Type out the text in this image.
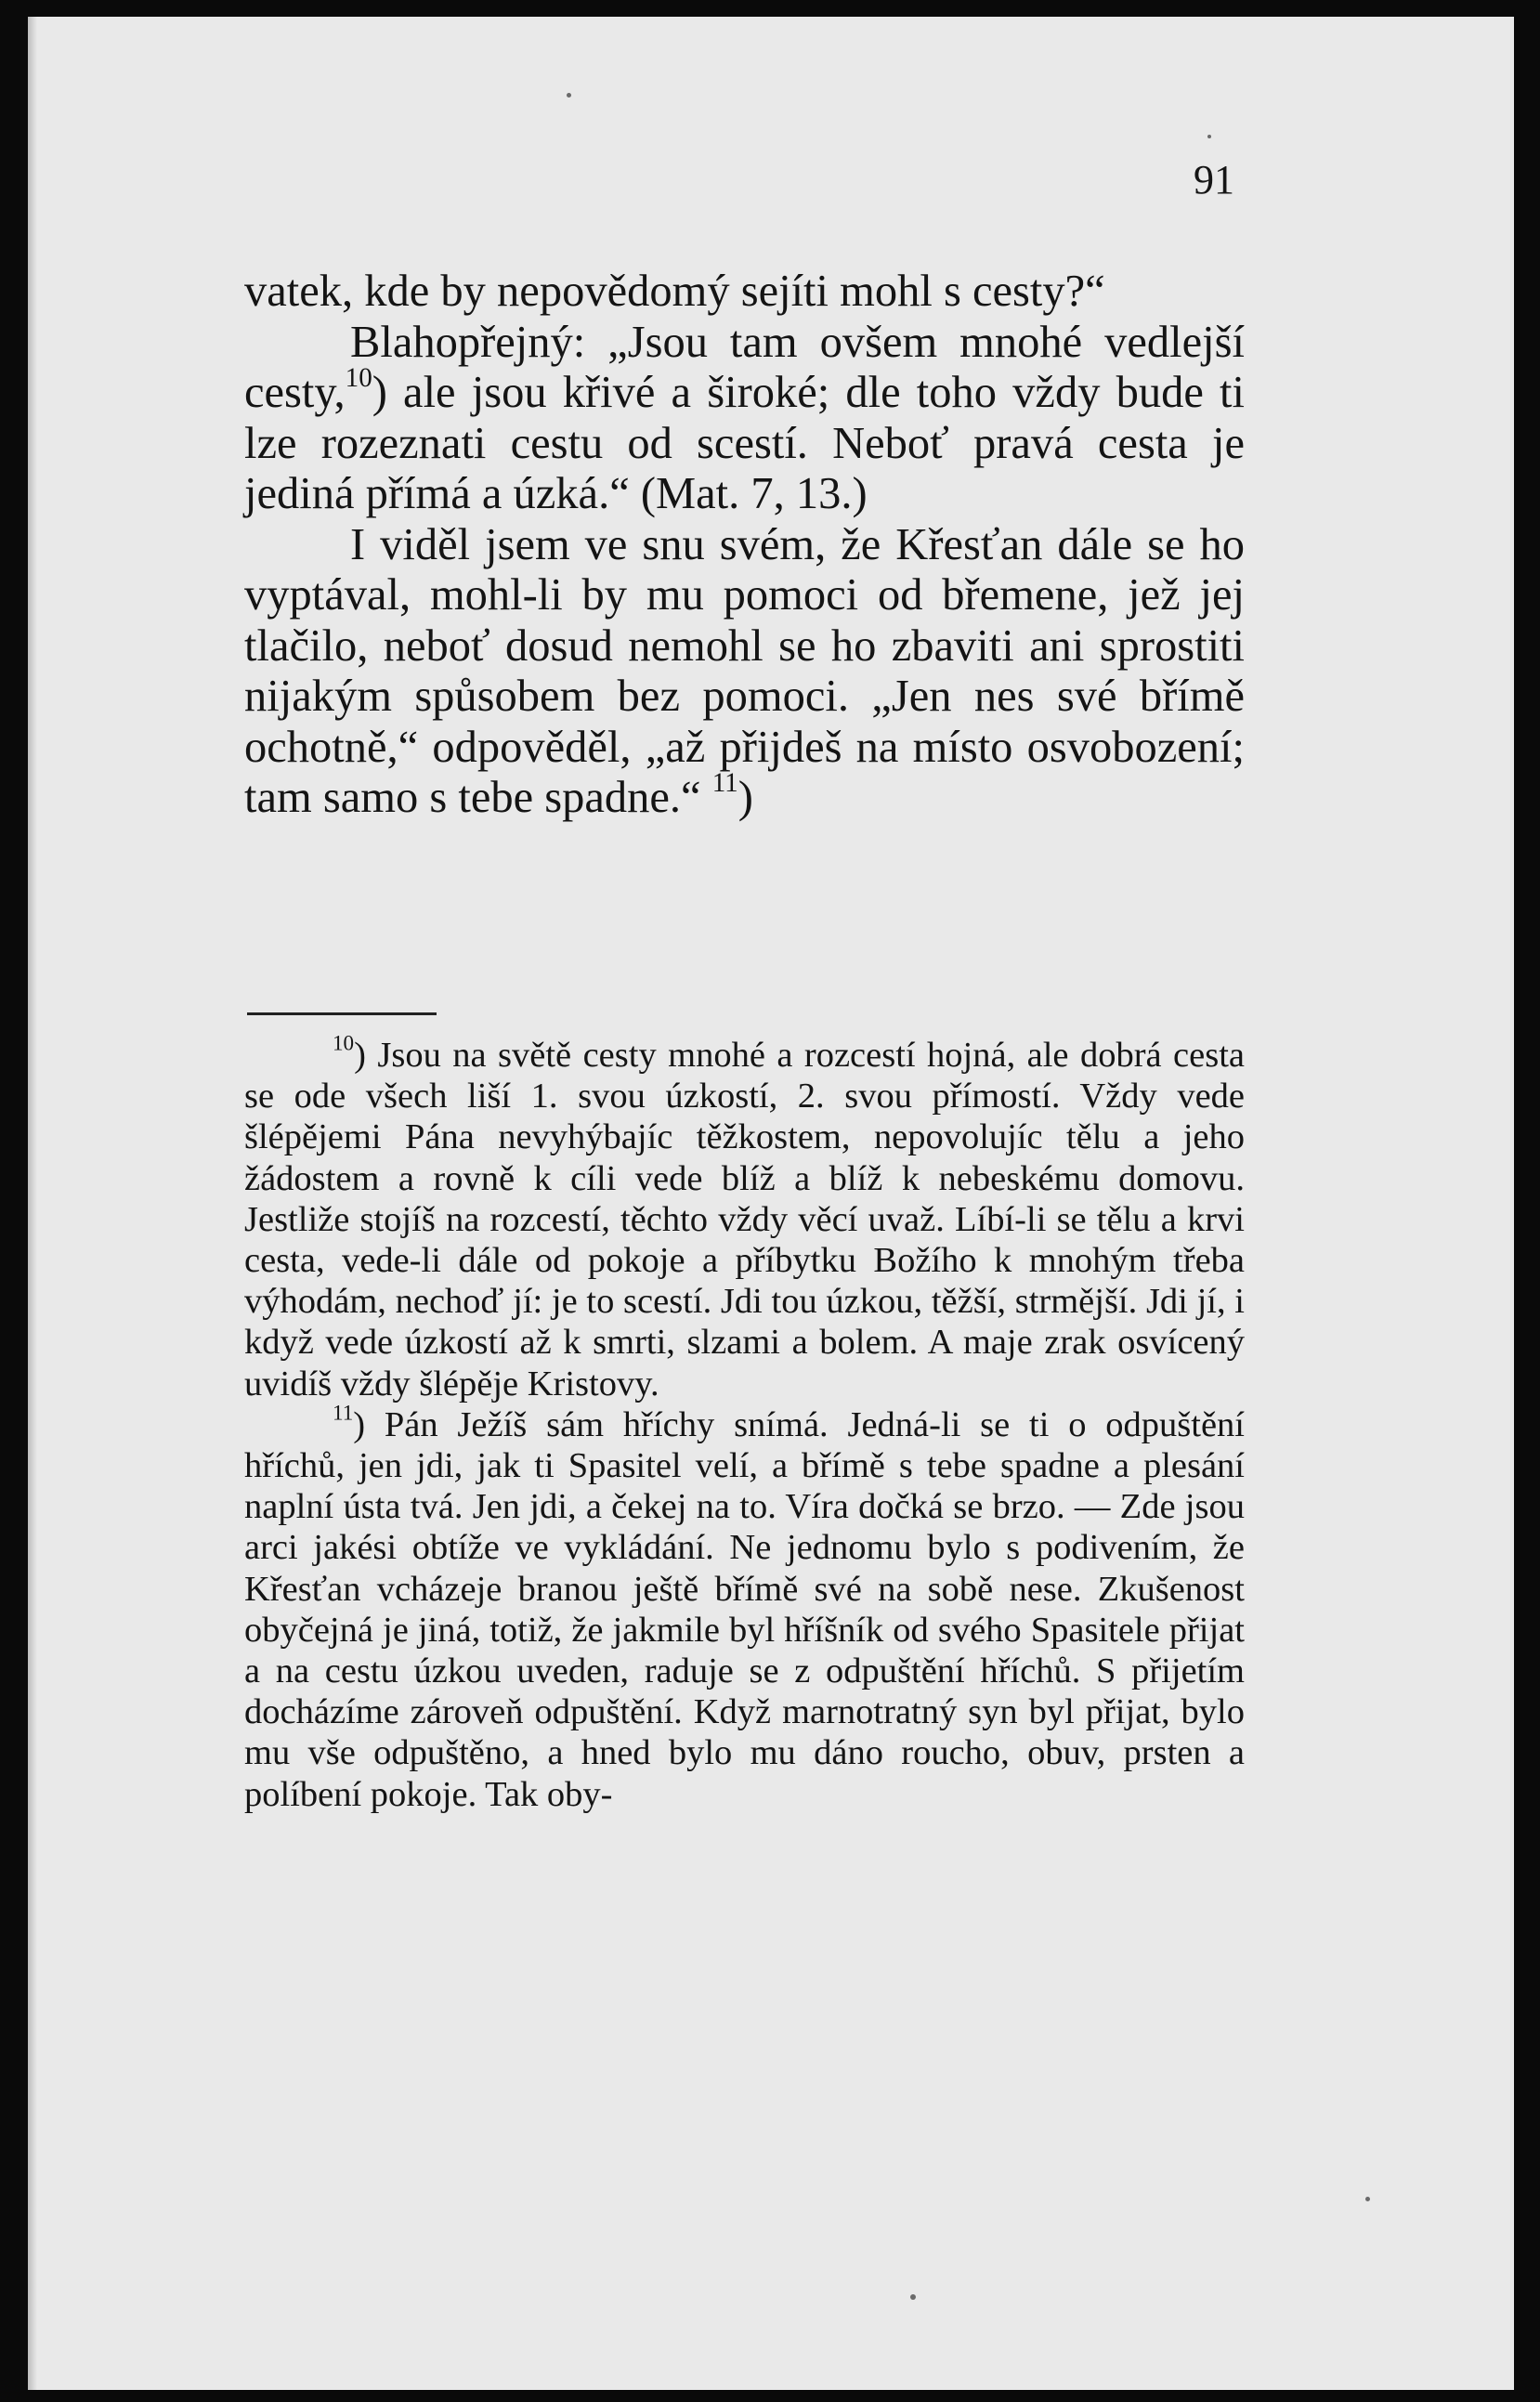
91

vatek, kde by nepovědomý sejíti mohl s cesty?“

Blahopřejný: „Jsou tam ovšem mnohé vedlejší cesty,$^{10}$) ale jsou křivé a široké; dle toho vždy bude ti lze rozeznati cestu od scestí. Neboť pravá cesta je jediná přímá a úzká.“ (Mat. 7, 13.)

I viděl jsem ve snu svém, že Křesťan dále se ho vyptával, mohl-li by mu pomoci od břemene, jež jej tlačilo, neboť dosud nemohl se ho zbaviti ani sprostiti nijakým spůsobem bez pomoci. „Jen nes své břímě ochotně,“ odpověděl, „až přijdeš na místo osvobození; tam samo s tebe spadne.“ $^{11}$)

$^{10}$) Jsou na světě cesty mnohé a rozcestí hojná, ale dobrá cesta se ode všech liší 1. svou úzkostí, 2. svou přímostí. Vždy vede šlépějemi Pána nevyhýbajíc těžkostem, nepovolujíc tělu a jeho žádostem a rovně k cíli vede blíž a blíž k nebeskému domovu. Jestliže stojíš na rozcestí, těchto vždy věcí uvaž. Líbí-li se tělu a krvi cesta, vede-li dále od pokoje a příbytku Božího k mnohým třeba výhodám, nechoď jí: je to scestí. Jdi tou úzkou, těžší, strmější. Jdi jí, i když vede úzkostí až k smrti, slzami a bolem. A maje zrak osvícený uvidíš vždy šlépěje Kristovy.

$^{11}$) Pán Ježíš sám hříchy snímá. Jedná-li se ti o odpuštění hříchů, jen jdi, jak ti Spasitel velí, a břímě s tebe spadne a plesání naplní ústa tvá. Jen jdi, a čekej na to. Víra dočká se brzo. — Zde jsou arci jakési obtíže ve vykládání. Ne jednomu bylo s podivením, že Křesťan vcházeje branou ještě břímě své na sobě nese. Zkušenost obyčejná je jiná, totiž, že jakmile byl hříšník od svého Spasitele přijat a na cestu úzkou uveden, raduje se z odpuštění hříchů. S přijetím docházíme zároveň odpuštění. Když marnotratný syn byl přijat, bylo mu vše odpuštěno, a hned bylo mu dáno roucho, obuv, prsten a políbení pokoje. Tak oby-
